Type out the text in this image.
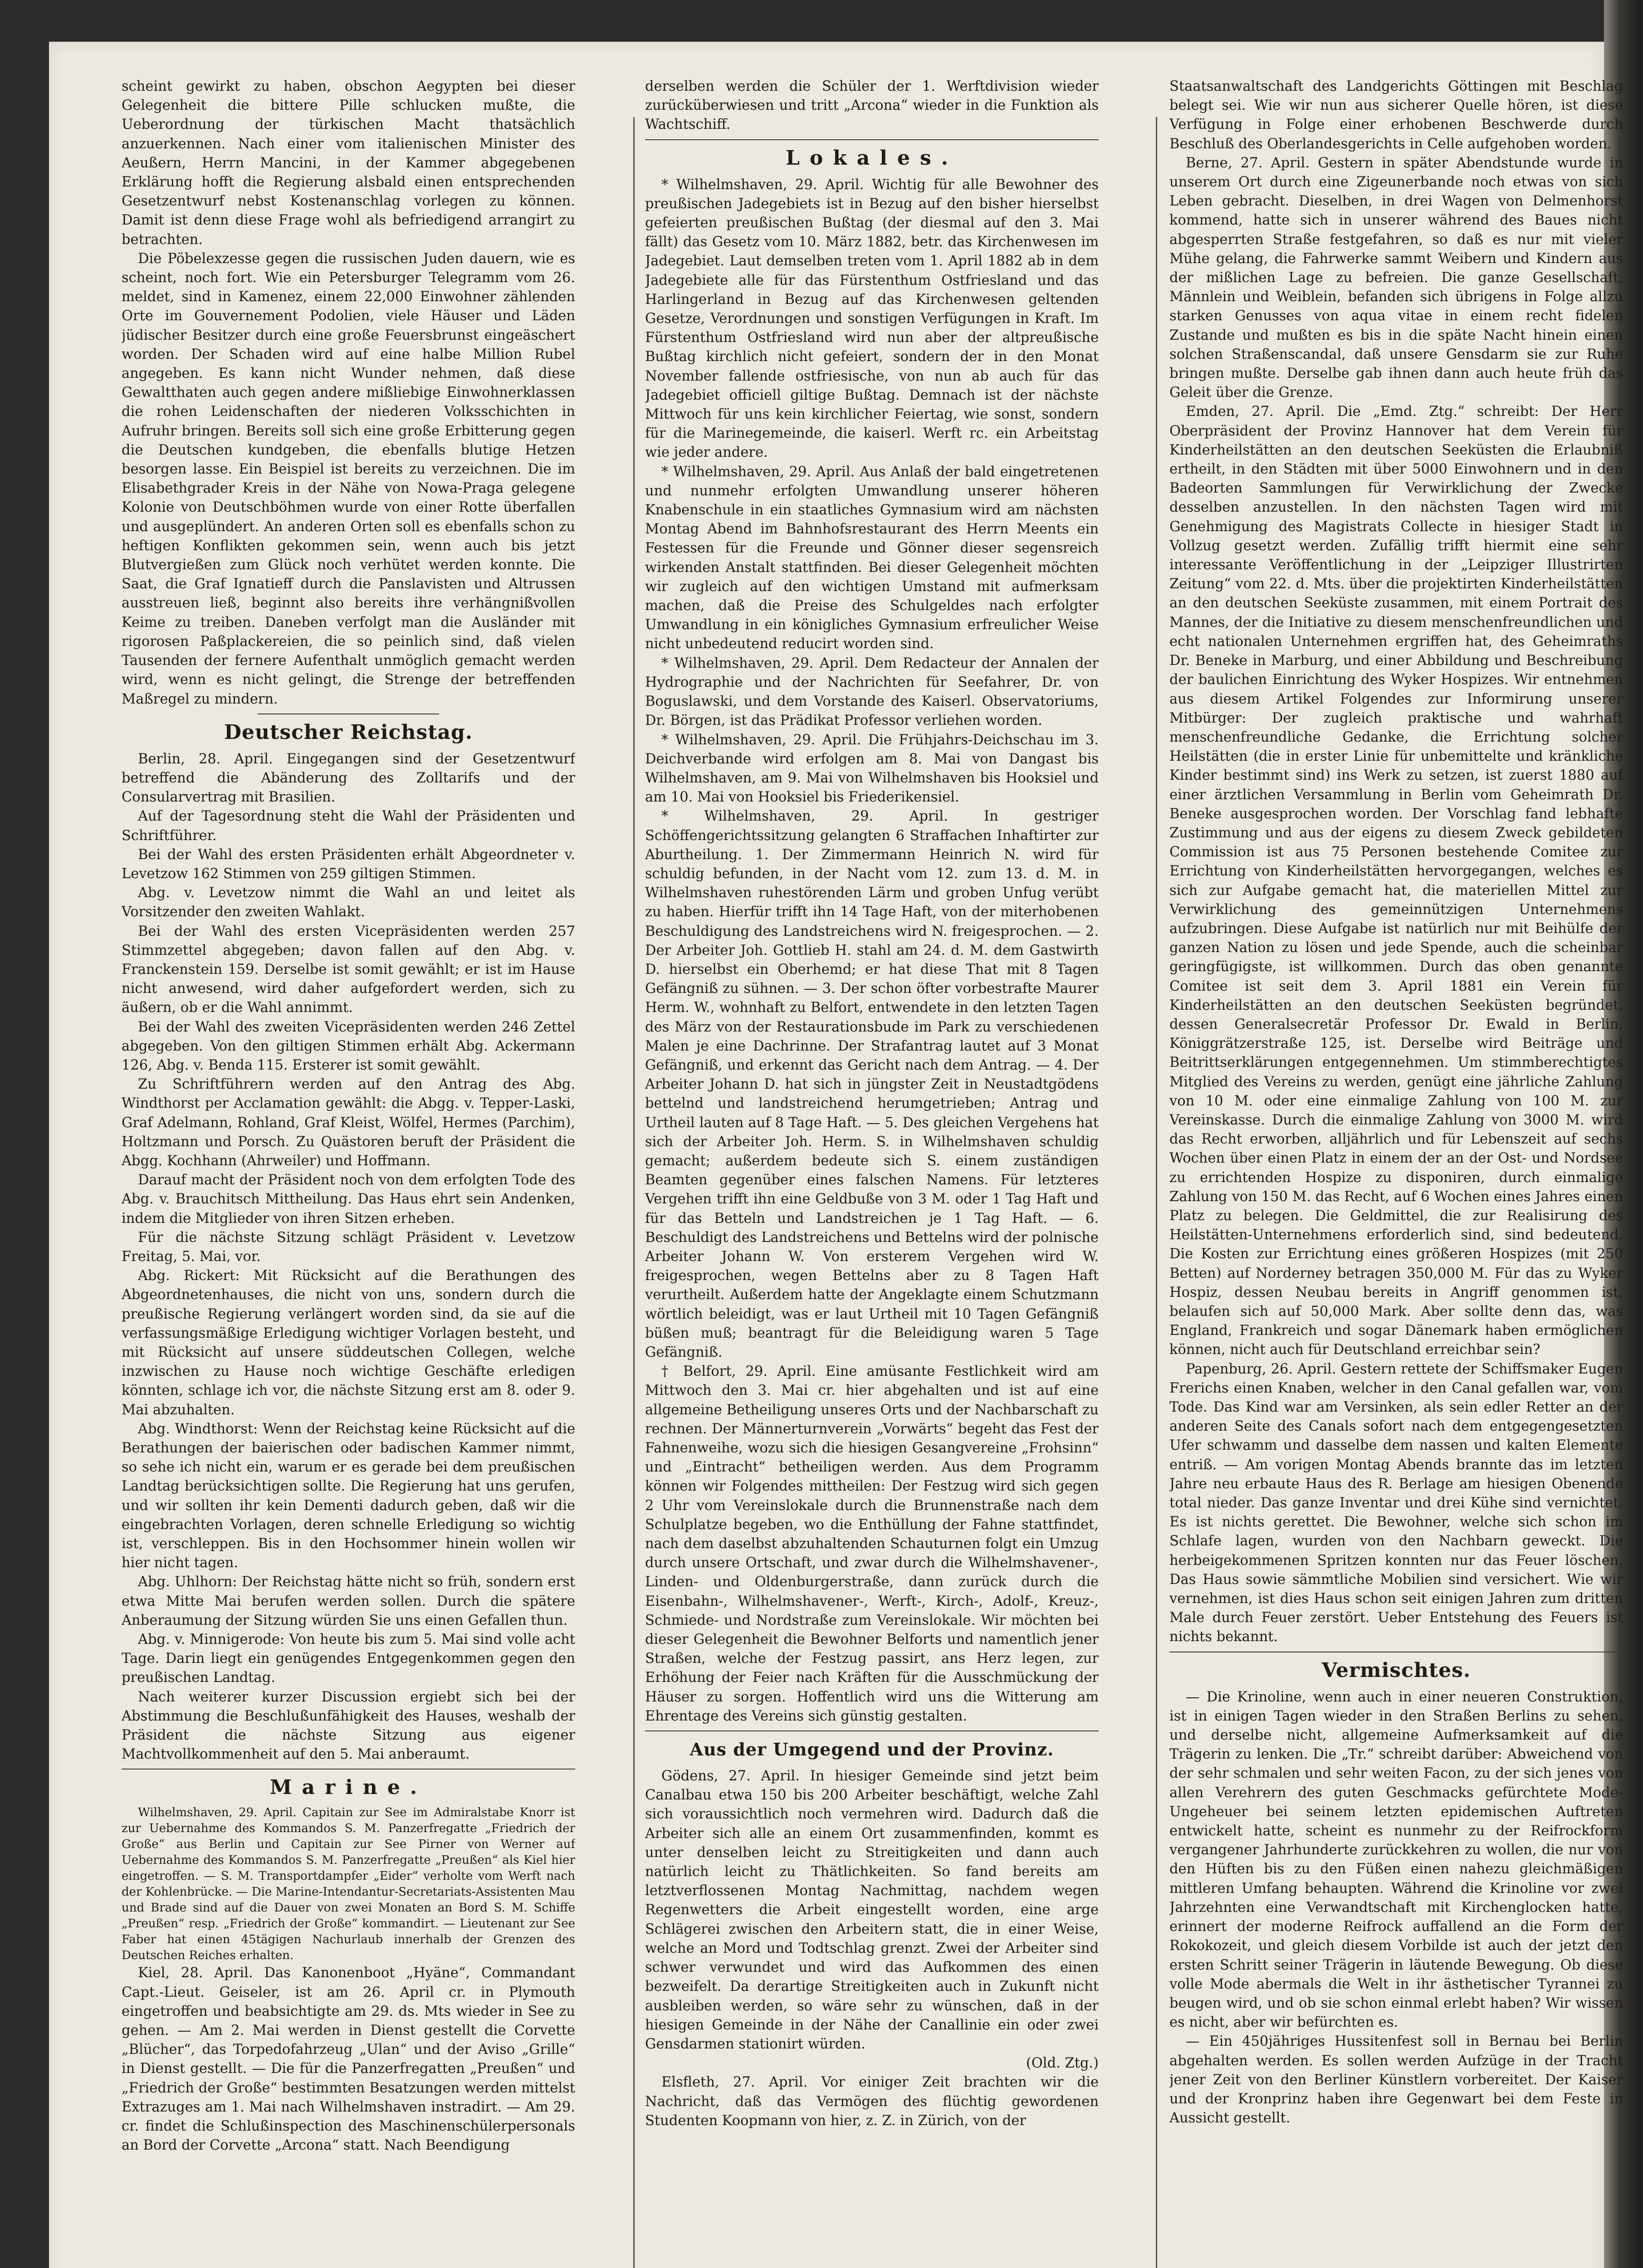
scheint gewirkt zu haben, obschon Aegypten bei dieser Gelegenheit die bittere Pille schlucken mußte, die Ueberordnung der türkischen Macht thatsächlich anzuerkennen. Nach einer vom italienischen Minister des Aeußern, Herrn Mancini, in der Kammer abgegebenen Erklärung hofft die Regierung alsbald einen entsprechenden Gesetzentwurf nebst Kostenanschlag vorlegen zu können. Damit ist denn diese Frage wohl als befriedigend arrangirt zu betrachten.

Die Pöbelexzesse gegen die russischen Juden dauern, wie es scheint, noch fort. Wie ein Petersburger Telegramm vom 26. meldet, sind in Kamenez, einem 22,000 Einwohner zählenden Orte im Gouvernement Podolien, viele Häuser und Läden jüdischer Besitzer durch eine große Feuersbrunst eingeäschert worden. Der Schaden wird auf eine halbe Million Rubel angegeben. Es kann nicht Wunder nehmen, daß diese Gewaltthaten auch gegen andere mißliebige Einwohnerklassen die rohen Leidenschaften der niederen Volksschichten in Aufruhr bringen. Bereits soll sich eine große Erbitterung gegen die Deutschen kundgeben, die ebenfalls blutige Hetzen besorgen lasse. Ein Beispiel ist bereits zu verzeichnen. Die im Elisabethgrader Kreis in der Nähe von Nowa-Praga gelegene Kolonie von Deutschböhmen wurde von einer Rotte überfallen und ausgeplündert. An anderen Orten soll es ebenfalls schon zu heftigen Konflikten gekommen sein, wenn auch bis jetzt Blutvergießen zum Glück noch verhütet werden konnte. Die Saat, die Graf Ignatieff durch die Panslavisten und Altrussen ausstreuen ließ, beginnt also bereits ihre verhängnißvollen Keime zu treiben. Daneben verfolgt man die Ausländer mit rigorosen Paßplackereien, die so peinlich sind, daß vielen Tausenden der fernere Aufenthalt unmöglich gemacht werden wird, wenn es nicht gelingt, die Strenge der betreffenden Maßregel zu mindern.

Deutscher Reichstag.

Berlin, 28. April. Eingegangen sind der Gesetzentwurf betreffend die Abänderung des Zolltarifs und der Consularvertrag mit Brasilien.

Auf der Tagesordnung steht die Wahl der Präsidenten und Schriftführer.

Bei der Wahl des ersten Präsidenten erhält Abgeordneter v. Levetzow 162 Stimmen von 259 giltigen Stimmen.

Abg. v. Levetzow nimmt die Wahl an und leitet als Vorsitzender den zweiten Wahlakt.

Bei der Wahl des ersten Vicepräsidenten werden 257 Stimmzettel abgegeben; davon fallen auf den Abg. v. Franckenstein 159. Derselbe ist somit gewählt; er ist im Hause nicht anwesend, wird daher aufgefordert werden, sich zu äußern, ob er die Wahl annimmt.

Bei der Wahl des zweiten Vicepräsidenten werden 246 Zettel abgegeben. Von den giltigen Stimmen erhält Abg. Ackermann 126, Abg. v. Benda 115. Ersterer ist somit gewählt.

Zu Schriftführern werden auf den Antrag des Abg. Windthorst per Acclamation gewählt: die Abgg. v. Tepper-Laski, Graf Adelmann, Rohland, Graf Kleist, Wölfel, Hermes (Parchim), Holtzmann und Porsch. Zu Quästoren beruft der Präsident die Abgg. Kochhann (Ahrweiler) und Hoffmann.

Darauf macht der Präsident noch von dem erfolgten Tode des Abg. v. Brauchitsch Mittheilung. Das Haus ehrt sein Andenken, indem die Mitglieder von ihren Sitzen erheben.

Für die nächste Sitzung schlägt Präsident v. Levetzow Freitag, 5. Mai, vor.

Abg. Rickert: Mit Rücksicht auf die Berathungen des Abgeordnetenhauses, die nicht von uns, sondern durch die preußische Regierung verlängert worden sind, da sie auf die verfassungsmäßige Erledigung wichtiger Vorlagen besteht, und mit Rücksicht auf unsere süddeutschen Collegen, welche inzwischen zu Hause noch wichtige Geschäfte erledigen könnten, schlage ich vor, die nächste Sitzung erst am 8. oder 9. Mai abzuhalten.

Abg. Windthorst: Wenn der Reichstag keine Rücksicht auf die Berathungen der baierischen oder badischen Kammer nimmt, so sehe ich nicht ein, warum er es gerade bei dem preußischen Landtag berücksichtigen sollte. Die Regierung hat uns gerufen, und wir sollten ihr kein Dementi dadurch geben, daß wir die eingebrachten Vorlagen, deren schnelle Erledigung so wichtig ist, verschleppen. Bis in den Hochsommer hinein wollen wir hier nicht tagen.

Abg. Uhlhorn: Der Reichstag hätte nicht so früh, sondern erst etwa Mitte Mai berufen werden sollen. Durch die spätere Anberaumung der Sitzung würden Sie uns einen Gefallen thun.

Abg. v. Minnigerode: Von heute bis zum 5. Mai sind volle acht Tage. Darin liegt ein genügendes Entgegenkommen gegen den preußischen Landtag.

Nach weiterer kurzer Discussion ergiebt sich bei der Abstimmung die Beschlußunfähigkeit des Hauses, weshalb der Präsident die nächste Sitzung aus eigener Machtvollkommenheit auf den 5. Mai anberaumt.

Marine.

Wilhelmshaven, 29. April. Capitain zur See im Admiralstabe Knorr ist zur Uebernahme des Kommandos S. M. Panzerfregatte „Friedrich der Große“ aus Berlin und Capitain zur See Pirner von Werner auf Uebernahme des Kommandos S. M. Panzerfregatte „Preußen“ als Kiel hier eingetroffen. — S. M. Transportdampfer „Eider“ verholte vom Werft nach der Kohlenbrücke. — Die Marine-Intendantur-Secretariats-Assistenten Mau und Brade sind auf die Dauer von zwei Monaten an Bord S. M. Schiffe „Preußen“ resp. „Friedrich der Große“ kommandirt. — Lieutenant zur See Faber hat einen 45tägigen Nachurlaub innerhalb der Grenzen des Deutschen Reiches erhalten.

Kiel, 28. April. Das Kanonenboot „Hyäne“, Commandant Capt.-Lieut. Geiseler, ist am 26. April cr. in Plymouth eingetroffen und beabsichtigte am 29. ds. Mts wieder in See zu gehen. — Am 2. Mai werden in Dienst gestellt die Corvette „Blücher“, das Torpedofahrzeug „Ulan“ und der Aviso „Grille“ in Dienst gestellt. — Die für die Panzerfregatten „Preußen“ und „Friedrich der Große“ bestimmten Besatzungen werden mittelst Extrazuges am 1. Mai nach Wilhelmshaven instradirt. — Am 29. cr. findet die Schlußinspection des Maschinenschülerpersonals an Bord der Corvette „Arcona“ statt. Nach Beendigung

derselben werden die Schüler der 1. Werftdivision wieder zurücküberwiesen und tritt „Arcona“ wieder in die Funktion als Wachtschiff.

Lokales.

* Wilhelmshaven, 29. April. Wichtig für alle Bewohner des preußischen Jadegebiets ist in Bezug auf den bisher hierselbst gefeierten preußischen Bußtag (der diesmal auf den 3. Mai fällt) das Gesetz vom 10. März 1882, betr. das Kirchenwesen im Jadegebiet. Laut demselben treten vom 1. April 1882 ab in dem Jadegebiete alle für das Fürstenthum Ostfriesland und das Harlingerland in Bezug auf das Kirchenwesen geltenden Gesetze, Verordnungen und sonstigen Verfügungen in Kraft. Im Fürstenthum Ostfriesland wird nun aber der altpreußische Bußtag kirchlich nicht gefeiert, sondern der in den Monat November fallende ostfriesische, von nun ab auch für das Jadegebiet officiell giltige Bußtag. Demnach ist der nächste Mittwoch für uns kein kirchlicher Feiertag, wie sonst, sondern für die Marinegemeinde, die kaiserl. Werft rc. ein Arbeitstag wie jeder andere.

* Wilhelmshaven, 29. April. Aus Anlaß der bald eingetretenen und nunmehr erfolgten Umwandlung unserer höheren Knabenschule in ein staatliches Gymnasium wird am nächsten Montag Abend im Bahnhofsrestaurant des Herrn Meents ein Festessen für die Freunde und Gönner dieser segensreich wirkenden Anstalt stattfinden. Bei dieser Gelegenheit möchten wir zugleich auf den wichtigen Umstand mit aufmerksam machen, daß die Preise des Schulgeldes nach erfolgter Umwandlung in ein königliches Gymnasium erfreulicher Weise nicht unbedeutend reducirt worden sind.

* Wilhelmshaven, 29. April. Dem Redacteur der Annalen der Hydrographie und der Nachrichten für Seefahrer, Dr. von Boguslawski, und dem Vorstande des Kaiserl. Observatoriums, Dr. Börgen, ist das Prädikat Professor verliehen worden.

* Wilhelmshaven, 29. April. Die Frühjahrs-Deichschau im 3. Deichverbande wird erfolgen am 8. Mai von Dangast bis Wilhelmshaven, am 9. Mai von Wilhelmshaven bis Hooksiel und am 10. Mai von Hooksiel bis Friederikensiel.

* Wilhelmshaven, 29. April. In gestriger Schöffengerichtssitzung gelangten 6 Straffachen Inhaftirter zur Aburtheilung. 1. Der Zimmermann Heinrich N. wird für schuldig befunden, in der Nacht vom 12. zum 13. d. M. in Wilhelmshaven ruhestörenden Lärm und groben Unfug verübt zu haben. Hierfür trifft ihn 14 Tage Haft, von der miterhobenen Beschuldigung des Landstreichens wird N. freigesprochen. — 2. Der Arbeiter Joh. Gottlieb H. stahl am 24. d. M. dem Gastwirth D. hierselbst ein Oberhemd; er hat diese That mit 8 Tagen Gefängniß zu sühnen. — 3. Der schon öfter vorbestrafte Maurer Herm. W., wohnhaft zu Belfort, entwendete in den letzten Tagen des März von der Restaurationsbude im Park zu verschiedenen Malen je eine Dachrinne. Der Strafantrag lautet auf 3 Monat Gefängniß, und erkennt das Gericht nach dem Antrag. — 4. Der Arbeiter Johann D. hat sich in jüngster Zeit in Neustadtgödens bettelnd und landstreichend herumgetrieben; Antrag und Urtheil lauten auf 8 Tage Haft. — 5. Des gleichen Vergehens hat sich der Arbeiter Joh. Herm. S. in Wilhelmshaven schuldig gemacht; außerdem bedeute sich S. einem zuständigen Beamten gegenüber eines falschen Namens. Für letzteres Vergehen trifft ihn eine Geldbuße von 3 M. oder 1 Tag Haft und für das Betteln und Landstreichen je 1 Tag Haft. — 6. Beschuldigt des Landstreichens und Bettelns wird der polnische Arbeiter Johann W. Von ersterem Vergehen wird W. freigesprochen, wegen Bettelns aber zu 8 Tagen Haft verurtheilt. Außerdem hatte der Angeklagte einem Schutzmann wörtlich beleidigt, was er laut Urtheil mit 10 Tagen Gefängniß büßen muß; beantragt für die Beleidigung waren 5 Tage Gefängniß.

† Belfort, 29. April. Eine amüsante Festlichkeit wird am Mittwoch den 3. Mai cr. hier abgehalten und ist auf eine allgemeine Betheiligung unseres Orts und der Nachbarschaft zu rechnen. Der Männerturnverein „Vorwärts“ begeht das Fest der Fahnenweihe, wozu sich die hiesigen Gesangvereine „Frohsinn“ und „Eintracht“ betheiligen werden. Aus dem Programm können wir Folgendes mittheilen: Der Festzug wird sich gegen 2 Uhr vom Vereinslokale durch die Brunnenstraße nach dem Schulplatze begeben, wo die Enthüllung der Fahne stattfindet, nach dem daselbst abzuhaltenden Schauturnen folgt ein Umzug durch unsere Ortschaft, und zwar durch die Wilhelmshavener-, Linden- und Oldenburgerstraße, dann zurück durch die Eisenbahn-, Wilhelmshavener-, Werft-, Kirch-, Adolf-, Kreuz-, Schmiede- und Nordstraße zum Vereinslokale. Wir möchten bei dieser Gelegenheit die Bewohner Belforts und namentlich jener Straßen, welche der Festzug passirt, ans Herz legen, zur Erhöhung der Feier nach Kräften für die Ausschmückung der Häuser zu sorgen. Hoffentlich wird uns die Witterung am Ehrentage des Vereins sich günstig gestalten.

Aus der Umgegend und der Provinz.

Gödens, 27. April. In hiesiger Gemeinde sind jetzt beim Canalbau etwa 150 bis 200 Arbeiter beschäftigt, welche Zahl sich voraussichtlich noch vermehren wird. Dadurch daß die Arbeiter sich alle an einem Ort zusammenfinden, kommt es unter denselben leicht zu Streitigkeiten und dann auch natürlich leicht zu Thätlichkeiten. So fand bereits am letztverflossenen Montag Nachmittag, nachdem wegen Regenwetters die Arbeit eingestellt worden, eine arge Schlägerei zwischen den Arbeitern statt, die in einer Weise, welche an Mord und Todtschlag grenzt. Zwei der Arbeiter sind schwer verwundet und wird das Aufkommen des einen bezweifelt. Da derartige Streitigkeiten auch in Zukunft nicht ausbleiben werden, so wäre sehr zu wünschen, daß in der hiesigen Gemeinde in der Nähe der Canallinie ein oder zwei Gensdarmen stationirt würden.

(Old. Ztg.)

Elsfleth, 27. April. Vor einiger Zeit brachten wir die Nachricht, daß das Vermögen des flüchtig gewordenen Studenten Koopmann von hier, z. Z. in Zürich, von der

Staatsanwaltschaft des Landgerichts Göttingen mit Beschlag belegt sei. Wie wir nun aus sicherer Quelle hören, ist diese Verfügung in Folge einer erhobenen Beschwerde durch Beschluß des Oberlandesgerichts in Celle aufgehoben worden.

Berne, 27. April. Gestern in später Abendstunde wurde in unserem Ort durch eine Zigeunerbande noch etwas von sich Leben gebracht. Dieselben, in drei Wagen von Delmenhorst kommend, hatte sich in unserer während des Baues nicht abgesperrten Straße festgefahren, so daß es nur mit vieler Mühe gelang, die Fahrwerke sammt Weibern und Kindern aus der mißlichen Lage zu befreien. Die ganze Gesellschaft, Männlein und Weiblein, befanden sich übrigens in Folge allzu starken Genusses von aqua vitae in einem recht fidelen Zustande und mußten es bis in die späte Nacht hinein einen solchen Straßenscandal, daß unsere Gensdarm sie zur Ruhe bringen mußte. Derselbe gab ihnen dann auch heute früh das Geleit über die Grenze.

Emden, 27. April. Die „Emd. Ztg.“ schreibt: Der Herr Oberpräsident der Provinz Hannover hat dem Verein für Kinderheilstätten an den deutschen Seeküsten die Erlaubniß ertheilt, in den Städten mit über 5000 Einwohnern und in den Badeorten Sammlungen für Verwirklichung der Zwecke desselben anzustellen. In den nächsten Tagen wird mit Genehmigung des Magistrats Collecte in hiesiger Stadt in Vollzug gesetzt werden. Zufällig trifft hiermit eine sehr interessante Veröffentlichung in der „Leipziger Illustrirten Zeitung“ vom 22. d. Mts. über die projektirten Kinderheilstätten an den deutschen Seeküste zusammen, mit einem Portrait des Mannes, der die Initiative zu diesem menschenfreundlichen und echt nationalen Unternehmen ergriffen hat, des Geheimraths Dr. Beneke in Marburg, und einer Abbildung und Beschreibung der baulichen Einrichtung des Wyker Hospizes. Wir entnehmen aus diesem Artikel Folgendes zur Informirung unserer Mitbürger: Der zugleich praktische und wahrhaft menschenfreundliche Gedanke, die Errichtung solcher Heilstätten (die in erster Linie für unbemittelte und kränkliche Kinder bestimmt sind) ins Werk zu setzen, ist zuerst 1880 auf einer ärztlichen Versammlung in Berlin vom Geheimrath Dr. Beneke ausgesprochen worden. Der Vorschlag fand lebhafte Zustimmung und aus der eigens zu diesem Zweck gebildeten Commission ist aus 75 Personen bestehende Comitee zur Errichtung von Kinderheilstätten hervorgegangen, welches es sich zur Aufgabe gemacht hat, die materiellen Mittel zur Verwirklichung des gemeinnützigen Unternehmens aufzubringen. Diese Aufgabe ist natürlich nur mit Beihülfe der ganzen Nation zu lösen und jede Spende, auch die scheinbar geringfügigste, ist willkommen. Durch das oben genannte Comitee ist seit dem 3. April 1881 ein Verein für Kinderheilstätten an den deutschen Seeküsten begründet, dessen Generalsecretär Professor Dr. Ewald in Berlin, Königgrätzerstraße 125, ist. Derselbe wird Beiträge und Beitrittserklärungen entgegennehmen. Um stimmberechtigtes Mitglied des Vereins zu werden, genügt eine jährliche Zahlung von 10 M. oder eine einmalige Zahlung von 100 M. zur Vereinskasse. Durch die einmalige Zahlung von 3000 M. wird das Recht erworben, alljährlich und für Lebenszeit auf sechs Wochen über einen Platz in einem der an der Ost- und Nordsee zu errichtenden Hospize zu disponiren, durch einmalige Zahlung von 150 M. das Recht, auf 6 Wochen eines Jahres einen Platz zu belegen. Die Geldmittel, die zur Realisirung des Heilstätten-Unternehmens erforderlich sind, sind bedeutend. Die Kosten zur Errichtung eines größeren Hospizes (mit 250 Betten) auf Norderney betragen 350,000 M. Für das zu Wyker Hospiz, dessen Neubau bereits in Angriff genommen ist, belaufen sich auf 50,000 Mark. Aber sollte denn das, was England, Frankreich und sogar Dänemark haben ermöglichen können, nicht auch für Deutschland erreichbar sein?

Papenburg, 26. April. Gestern rettete der Schiffsmaker Eugen Frerichs einen Knaben, welcher in den Canal gefallen war, vom Tode. Das Kind war am Versinken, als sein edler Retter an der anderen Seite des Canals sofort nach dem entgegengesetzten Ufer schwamm und dasselbe dem nassen und kalten Elemente entriß. — Am vorigen Montag Abends brannte das im letzten Jahre neu erbaute Haus des R. Berlage am hiesigen Obenende total nieder. Das ganze Inventar und drei Kühe sind vernichtet. Es ist nichts gerettet. Die Bewohner, welche sich schon im Schlafe lagen, wurden von den Nachbarn geweckt. Die herbeigekommenen Spritzen konnten nur das Feuer löschen. Das Haus sowie sämmtliche Mobilien sind versichert. Wie wir vernehmen, ist dies Haus schon seit einigen Jahren zum dritten Male durch Feuer zerstört. Ueber Entstehung des Feuers ist nichts bekannt.

Vermischtes.

— Die Krinoline, wenn auch in einer neueren Construktion, ist in einigen Tagen wieder in den Straßen Berlins zu sehen, und derselbe nicht, allgemeine Aufmerksamkeit auf die Trägerin zu lenken. Die „Tr.“ schreibt darüber: Abweichend von der sehr schmalen und sehr weiten Facon, zu der sich jenes von allen Verehrern des guten Geschmacks gefürchtete Mode-Ungeheuer bei seinem letzten epidemischen Auftreten entwickelt hatte, scheint es nunmehr zu der Reifrockform vergangener Jahrhunderte zurückkehren zu wollen, die nur von den Hüften bis zu den Füßen einen nahezu gleichmäßigen mittleren Umfang behaupten. Während die Krinoline vor zwei Jahrzehnten eine Verwandtschaft mit Kirchenglocken hatte, erinnert der moderne Reifrock auffallend an die Form der Rokokozeit, und gleich diesem Vorbilde ist auch der jetzt den ersten Schritt seiner Trägerin in läutende Bewegung. Ob diese volle Mode abermals die Welt in ihr ästhetischer Tyrannei zu beugen wird, und ob sie schon einmal erlebt haben? Wir wissen es nicht, aber wir befürchten es.

— Ein 450jähriges Hussitenfest soll in Bernau bei Berlin abgehalten werden. Es sollen werden Aufzüge in der Tracht jener Zeit von den Berliner Künstlern vorbereitet. Der Kaiser und der Kronprinz haben ihre Gegenwart bei dem Feste in Aussicht gestellt.
